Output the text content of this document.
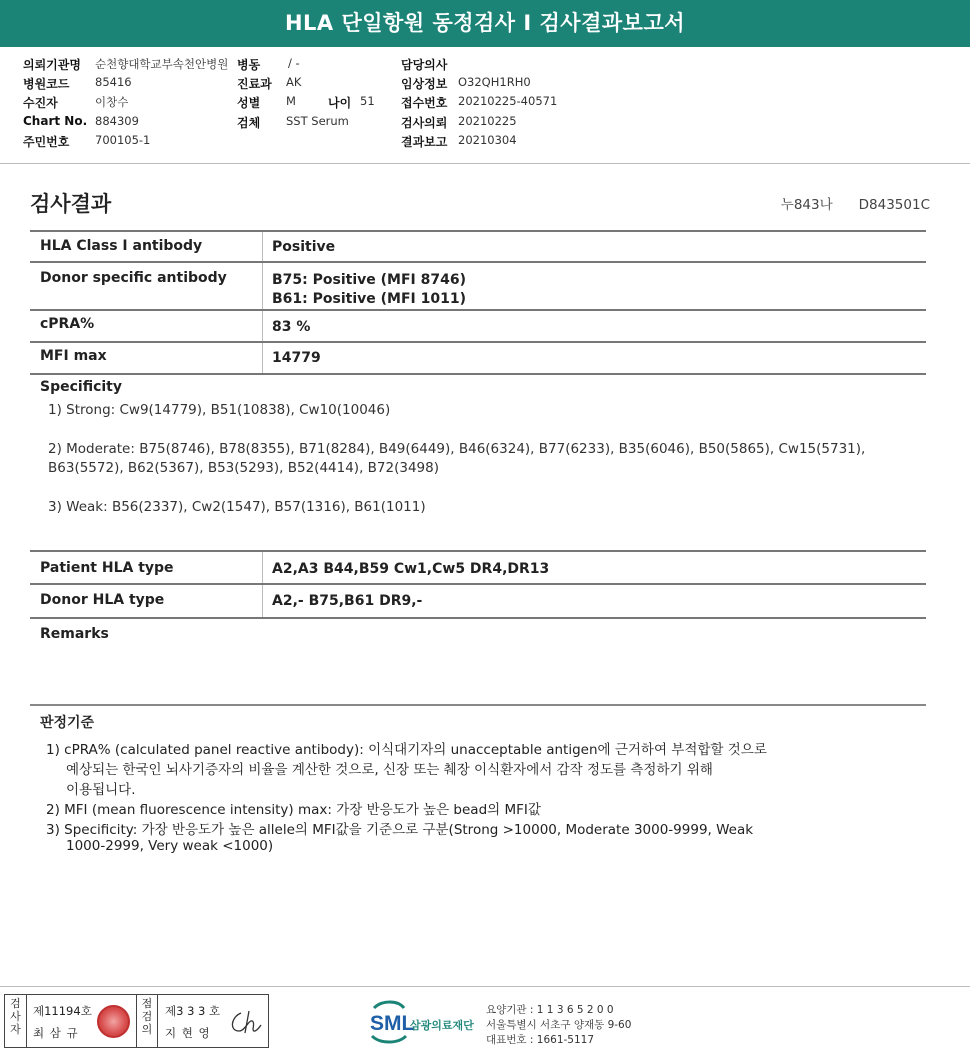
HLA 단일항원 동정검사 I 검사결과보고서
의뢰기관명 순천향대학교부속천안병원 병동 / -	담당의사
병원코드 85416	진료과 AK	임상정보 O32QH1RH0
수진자	이창수	성별 M	나이 51 접수번호 20210225-40571
Chart No. 884309	검체 SST Serum	검사의뢰 20210225
주민번호 700105-1	결과보고 20210304
검사결과	누843나 D843501C
HLA Class I antibody	Positive
Donor specific antibody	B75: Positive (MFI 8746)
B61: Positive (MFI 1011)
cPRA%	83 %
MFI max	14779
Specificity
1) Strong: Cw9(14779), B51(10838), Cw10(10046)
2) Moderate: B75(8746), B78(8355), B71(8284), B49(6449), B46(6324), B77(6233), B35(6046), B50(5865), Cw15(5731),
B63(5572), B62(5367), B53(5293), B52(4414), B72(3498)
3) Weak: B56(2337), Cw2(1547), B57(1316), B61(1011)
Patient HLA type	A2,A3 B44,B59 Cw1,Cw5 DR4,DR13
Donor HLA type	A2,- B75,B61 DR9,-
Remarks
판정기준
1) cPRA% (calculated panel reactive antibody): 이식대기자의 unacceptable antigen에 근거하여 부적합할 것으로
예상되는 한국인 뇌사기증자의 비율을 계산한 것으로, 신장 또는 췌장 이식환자에서 감작 정도를 측정하기 위해
이용됩니다.
2) MFI (mean fluorescence intensity) max: 가장 반응도가 높은 bead의 MFI값
3) Specificity: 가장 반응도가 높은 allele의 MFI값을 기준으로 구분(Strong >10000, Moderate 3000-9999, Weak
1000-2999, Very weak <1000)
검사자
제11194호
최 삼 규
점검의
제3 3 3 호
지 현 영	SML
삼광의료재단
요양기관 : 1 1 3 6 5 2 0 0
서울특별시 서초구 양재동 9-60
대표번호 : 1661-5117
